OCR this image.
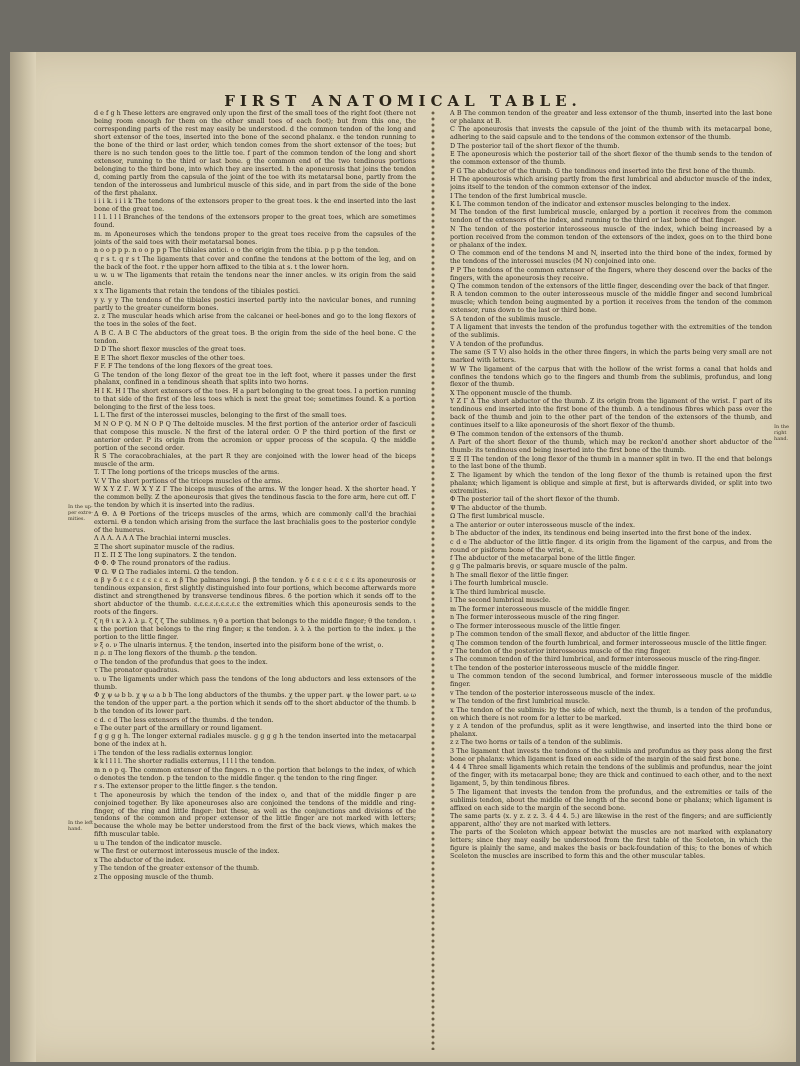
FIRST ANATOMICAL TABLE.
In the up-per extre-mities.
In the left hand.
In the right hand.

d e f g h These letters are engraved only upon the first of the small toes of the right foot (there not being room enough for them on the other small toes of each foot); but from this one, the corresponding parts of the rest may easily be understood. d the common tendon of the long and short extensor of the toes, inserted into the bone of the second phalanx. e the tendon running to the bone of the third or last order, which tendon comes from the short extensor of the toes; but there is no such tendon goes to the little toe. f part of the common tendon of the long and short extensor, running to the third or last bone. g the common end of the two tendinous portions belonging to the third bone, into which they are inserted. h the aponeurosis that joins the tendon d, coming partly from the capsula of the joint of the toe with its metatarsal bone, partly from the tendon of the interosseus and lumbricul muscle of this side, and in part from the side of the bone of the first phalanx.

i i i k. i i i k The tendons of the extensors proper to the great toes. k the end inserted into the last bone of the great toe.

l l l. l l l Branches of the tendons of the extensors proper to the great toes, which are sometimes found.

m. m Aponeuroses which the tendons proper to the great toes receive from the capsules of the joints of the said toes with their metatarsal bones.

n o o p p p. n o o p p p The tibiales antici. o o the origin from the tibia. p p p the tendon.

q r s t. q r s t The ligaments that cover and confine the tendons at the bottom of the leg, and on the back of the foot. r the upper horn affixed to the tibia at s. t the lower horn.

u w. u w The ligaments that retain the tendons near the inner ancles. w its origin from the said ancle.

x x The ligaments that retain the tendons of the tibiales postici.

y y. y y The tendons of the tibiales postici inserted partly into the navicular bones, and running partly to the greater cuneiform bones.

z. z The muscular heads which arise from the calcanei or heel-bones and go to the long flexors of the toes in the soles of the feet.

A B C. A B C The abductors of the great toes. B the origin from the side of the heel bone. C the tendon.

D D The short flexor muscles of the great toes.

E E The short flexor muscles of the other toes.

F F. F The tendons of the long flexors of the great toes.

G The tendon of the long flexor of the great toe in the left foot, where it passes under the first phalanx, confined in a tendinous sheath that splits into two horns.

H I K. H I The short extensors of the toes. H a part belonging to the great toes. I a portion running to that side of the first of the less toes which is next the great toe; sometimes found. K a portion belonging to the first of the less toes.

L L The first of the interossei muscles, belonging to the first of the small toes.

M N O P Q. M N O P Q The deltoide muscles. M the first portion of the anterior order of fasciculi that compose this muscle. N the first of the lateral order. O P the third portion of the first or anterior order. P its origin from the acromion or upper process of the scapula. Q the middle portion of the second order.

R S The coracobrachiales, at the part R they are conjoined with the lower head of the biceps muscle of the arm.

T. T The long portions of the triceps muscles of the arms.

V. V The short portions of the triceps muscles of the arms.

W X Y Z Γ. W X Y Z Γ The biceps muscles of the arms. W the longer head. X the shorter head. Y the common belly. Z the aponeurosis that gives the tendinous fascia to the fore arm, here cut off. Γ the tendon by which it is inserted into the radius.

Δ Θ. Δ Θ Portions of the triceps muscles of the arms, which are commonly call'd the brachiai externi. Θ a tendon which arising from the surface the last brachialis goes to the posterior condyle of the humerus.

Λ Λ Λ. Λ Λ Λ The brachiai interni muscles.

Ξ The short supinator muscle of the radius.

Π Σ. Π Σ The long supinators. Σ the tendon.

Φ Φ. Φ The round pronators of the radius.

Ψ Ω. Ψ Ω The radiales interni. Ω the tendon.

α β γ δ ε ε ε ε ε ε ε ε ε. α β The palmares longi. β the tendon. γ δ ε ε ε ε ε ε ε ε its aponeurosis or tendinous expansion, first slightly distinguished into four portions, which become afterwards more distinct and strengthened by transverse tendinous fibres. δ the portion which it sends off to the short abductor of the thumb. ε.ε.ε.ε.ε.ε.ε.ε.ε the extremities which this aponeurosis sends to the roots of the fingers.

ζ η θ ι κ λ λ λ μ. ζ ζ ζ The sublimes. η θ a portion that belongs to the middle finger; θ the tendon. ι κ the portion that belongs to the ring finger; κ the tendon. λ λ λ the portion to the index. μ the portion to the little finger.

ν ξ ο. ν The ulnaris internus. ξ the tendon, inserted into the pisiform bone of the wrist, ο.

π ρ. π The long flexors of the thumb. ρ the tendon.

σ The tendon of the profundus that goes to the index.

τ The pronator quadratus.

υ. υ The ligaments under which pass the tendons of the long abductors and less extensors of the thumb.

Φ χ ψ ω b b. χ ψ ω a b b The long abductors of the thumbs. χ the upper part. ψ the lower part. ω ω the tendon of the upper part. a the portion which it sends off to the short abductor of the thumb. b b the tendon of its lower part.

c d. c d The less extensors of the thumbs. d the tendon.

e The outer part of the armillary or round ligament.

f g g g g h. The longer external radiales muscle. g g g g h the tendon inserted into the metacarpal bone of the index at h.

i The tendon of the less radialis externus longior.

k k l l l l. The shorter radialis externus, l l l l the tendon.

m n o p q. The common extensor of the fingers. n o the portion that belongs to the index, of which o denotes the tendon. p the tendon to the middle finger. q the tendon to the ring finger.

r s. The extensor proper to the little finger. s the tendon.

t The aponeurosis by which the tendon of the index o, and that of the middle finger p are conjoined together. By like aponeuroses also are conjoined the tendons of the middle and ring-finger, of the ring and little finger: but these, as well as the conjunctions and divisions of the tendons of the common and proper extensor of the little finger are not marked with letters; because the whole may be better understood from the first of the back views, which makes the fifth muscular table.

u u The tendon of the indicator muscle.

w The first or outermost interosseus muscle of the index.

x The abductor of the index.

y The tendon of the greater extensor of the thumb.

z The opposing muscle of the thumb.

A B The common tendon of the greater and less extensor of the thumb, inserted into the last bone or phalanx at B.

C The aponeurosis that invests the capsule of the joint of the thumb with its metacarpal bone, adhering to the said capsule and to the tendons of the common extensor of the thumb.

D The posterior tail of the short flexor of the thumb.

E The aponeurosis which the posterior tail of the short flexor of the thumb sends to the tendon of the common extensor of the thumb.

F G The abductor of the thumb. G the tendinous end inserted into the first bone of the thumb.

H The aponeurosis which arising partly from the first lumbrical and abductor muscle of the index, joins itself to the tendon of the common extensor of the index.

I The tendon of the first lumbrical muscle.

K L The common tendon of the indicator and extensor muscles belonging to the index.

M The tendon of the first lumbrical muscle, enlarged by a portion it receives from the common tendon of the extensors of the index, and running to the third or last bone of that finger.

N The tendon of the posterior interosseous muscle of the index, which being increased by a portion received from the common tendon of the extensors of the index, goes on to the third bone or phalanx of the index.

O The common end of the tendons M and N, inserted into the third bone of the index, formed by the tendons of the interossei muscles (M N) conjoined into one.

P P The tendons of the common extensor of the fingers, where they descend over the backs of the fingers, with the aponeurosis they receive.

Q The common tendon of the extensors of the little finger, descending over the back of that finger.

R A tendon common to the outer interosseous muscle of the middle finger and second lumbrical muscle; which tendon being augmented by a portion it receives from the tendon of the common extensor, runs down to the last or third bone.

S A tendon of the sublimis muscle.

T A ligament that invests the tendon of the profundus together with the extremities of the tendon of the sublimis.

V A tendon of the profundus.

The same (S T V) also holds in the other three fingers, in which the parts being very small are not marked with letters.

W W The ligament of the carpus that with the hollow of the wrist forms a canal that holds and confines the tendons which go to the fingers and thumb from the sublimis, profundus, and long flexor of the thumb.

X The opponent muscle of the thumb.

Y Z Γ Δ The short abductor of the thumb. Z its origin from the ligament of the wrist. Γ part of its tendinous end inserted into the first bone of the thumb. Δ a tendinous fibres which pass over the back of the thumb and join to the other part of the tendon of the extensors of the thumb, and continues itself to a like aponeurosis of the short flexor of the thumb.

Θ The common tendon of the extensors of the thumb.

Λ Part of the short flexor of the thumb, which may be reckon'd another short abductor of the thumb: its tendinous end being inserted into the first bone of the thumb.

Ξ Ξ Π The tendon of the long flexor of the thumb in a manner split in two. Π the end that belongs to the last bone of the thumb.

Σ The ligament by which the tendon of the long flexor of the thumb is retained upon the first phalanx; which ligament is oblique and simple at first, but is afterwards divided, or split into two extremities.

Φ The posterior tail of the short flexor of the thumb.

Ψ The abductor of the thumb.

Ω The first lumbrical muscle.

a The anterior or outer interosseous muscle of the index.

b The abductor of the index, its tendinous end being inserted into the first bone of the index.

c d e The abductor of the little finger. d its origin from the ligament of the carpus, and from the round or pisiform bone of the wrist, e.

f The abductor of the metacarpal bone of the little finger.

g g The palmaris brevis, or square muscle of the palm.

h The small flexor of the little finger.

i The fourth lumbrical muscle.

k The third lumbrical muscle.

l The second lumbrical muscle.

m The former interosseous muscle of the middle finger.

n The former interosseous muscle of the ring finger.

o The former interosseous muscle of the little finger.

p The common tendon of the small flexor, and abductor of the little finger.

q The common tendon of the fourth lumbrical, and former interosseous muscle of the little finger.

r The tendon of the posterior interosseous muscle of the ring finger.

s The common tendon of the third lumbrical, and former interosseous muscle of the ring-finger.

t The tendon of the posterior interosseous muscle of the middle finger.

u The common tendon of the second lumbrical, and former interosseous muscle of the middle finger.

v The tendon of the posterior interosseous muscle of the index.

w The tendon of the first lumbrical muscle.

x The tendon of the sublimis: by the side of which, next the thumb, is a tendon of the profundus, on which there is not room for a letter to be marked.

y z A tendon of the profundus, split as it were lengthwise, and inserted into the third bone or phalanx.

z z The two horns or tails of a tendon of the sublimis.

3 The ligament that invests the tendons of the sublimis and profundus as they pass along the first bone or phalanx: which ligament is fixed on each side of the margin of the said first bone.

4 4 4 Three small ligaments which retain the tendons of the sublimis and profundus, near the joint of the finger, with its metacarpal bone; they are thick and continued to each other, and to the next ligament, 5, by thin tendinous fibres.

5 The ligament that invests the tendon from the profundus, and the extremities or tails of the sublimis tendon, about the middle of the length of the second bone or phalanx; which ligament is affixed on each side to the margin of the second bone.

The same parts (x. y z. z z. 3. 4 4 4. 5.) are likewise in the rest of the fingers; and are sufficiently apparent, altho' they are not marked with letters.

The parts of the Sceleton which appear betwixt the muscles are not marked with explanatory letters; since they may easily be understood from the first table of the Sceleton, in which the figure is plainly the same, and makes the basis or back-foundation of this; to the bones of which Sceleton the muscles are inscribed to form this and the other muscular tables.
